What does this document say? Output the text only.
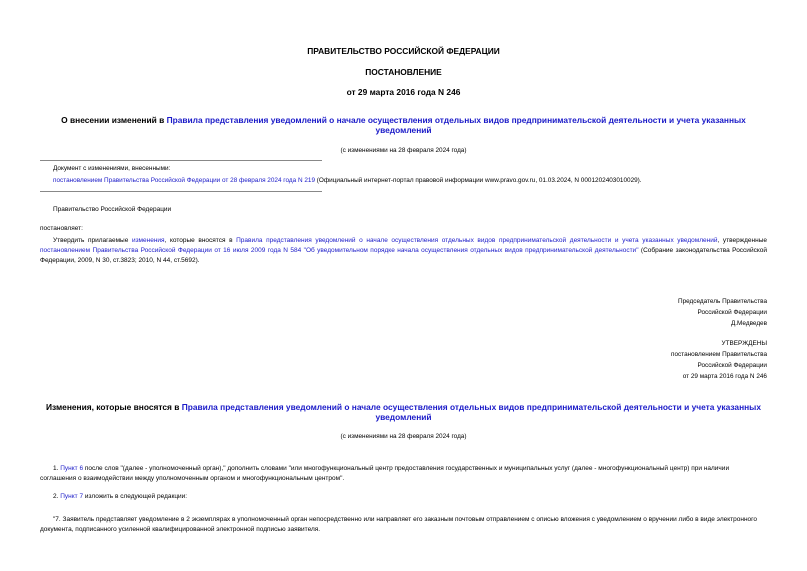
ПРАВИТЕЛЬСТВО РОССИЙСКОЙ ФЕДЕРАЦИИ
ПОСТАНОВЛЕНИЕ
от 29 марта 2016 года N 246
О внесении изменений в Правила представления уведомлений о начале осуществления отдельных видов предпринимательской деятельности и учета указанных уведомлений
(с изменениями на 28 февраля 2024 года)
Документ с изменениями, внесенными:
постановлением Правительства Российской Федерации от 28 февраля 2024 года N 219 (Официальный интернет-портал правовой информации www.pravo.gov.ru, 01.03.2024, N 0001202403010029).
Правительство Российской Федерации
постановляет:
Утвердить прилагаемые изменения, которые вносятся в Правила представления уведомлений о начале осуществления отдельных видов предпринимательской деятельности и учета указанных уведомлений, утвержденные постановлением Правительства Российской Федерации от 16 июля 2009 года N 584 "Об уведомительном порядке начала осуществления отдельных видов предпринимательской деятельности" (Собрание законодательства Российской Федерации, 2009, N 30, ст.3823; 2010, N 44, ст.5692).
Председатель Правительства
Российской Федерации
Д.Медведев
УТВЕРЖДЕНЫ
постановлением Правительства
Российской Федерации
от 29 марта 2016 года N 246
Изменения, которые вносятся в Правила представления уведомлений о начале осуществления отдельных видов предпринимательской деятельности и учета указанных уведомлений
(с изменениями на 28 февраля 2024 года)
1. Пункт 6 после слов "(далее - уполномоченный орган)," дополнить словами "или многофункциональный центр предоставления государственных и муниципальных услуг (далее - многофункциональный центр) при наличии соглашения о взаимодействии между уполномоченным органом и многофункциональным центром".
2. Пункт 7 изложить в следующей редакции:
"7. Заявитель представляет уведомление в 2 экземплярах в уполномоченный орган непосредственно или направляет его заказным почтовым отправлением с описью вложения с уведомлением о вручении либо в виде электронного документа, подписанного усиленной квалифицированной электронной подписью заявителя.
